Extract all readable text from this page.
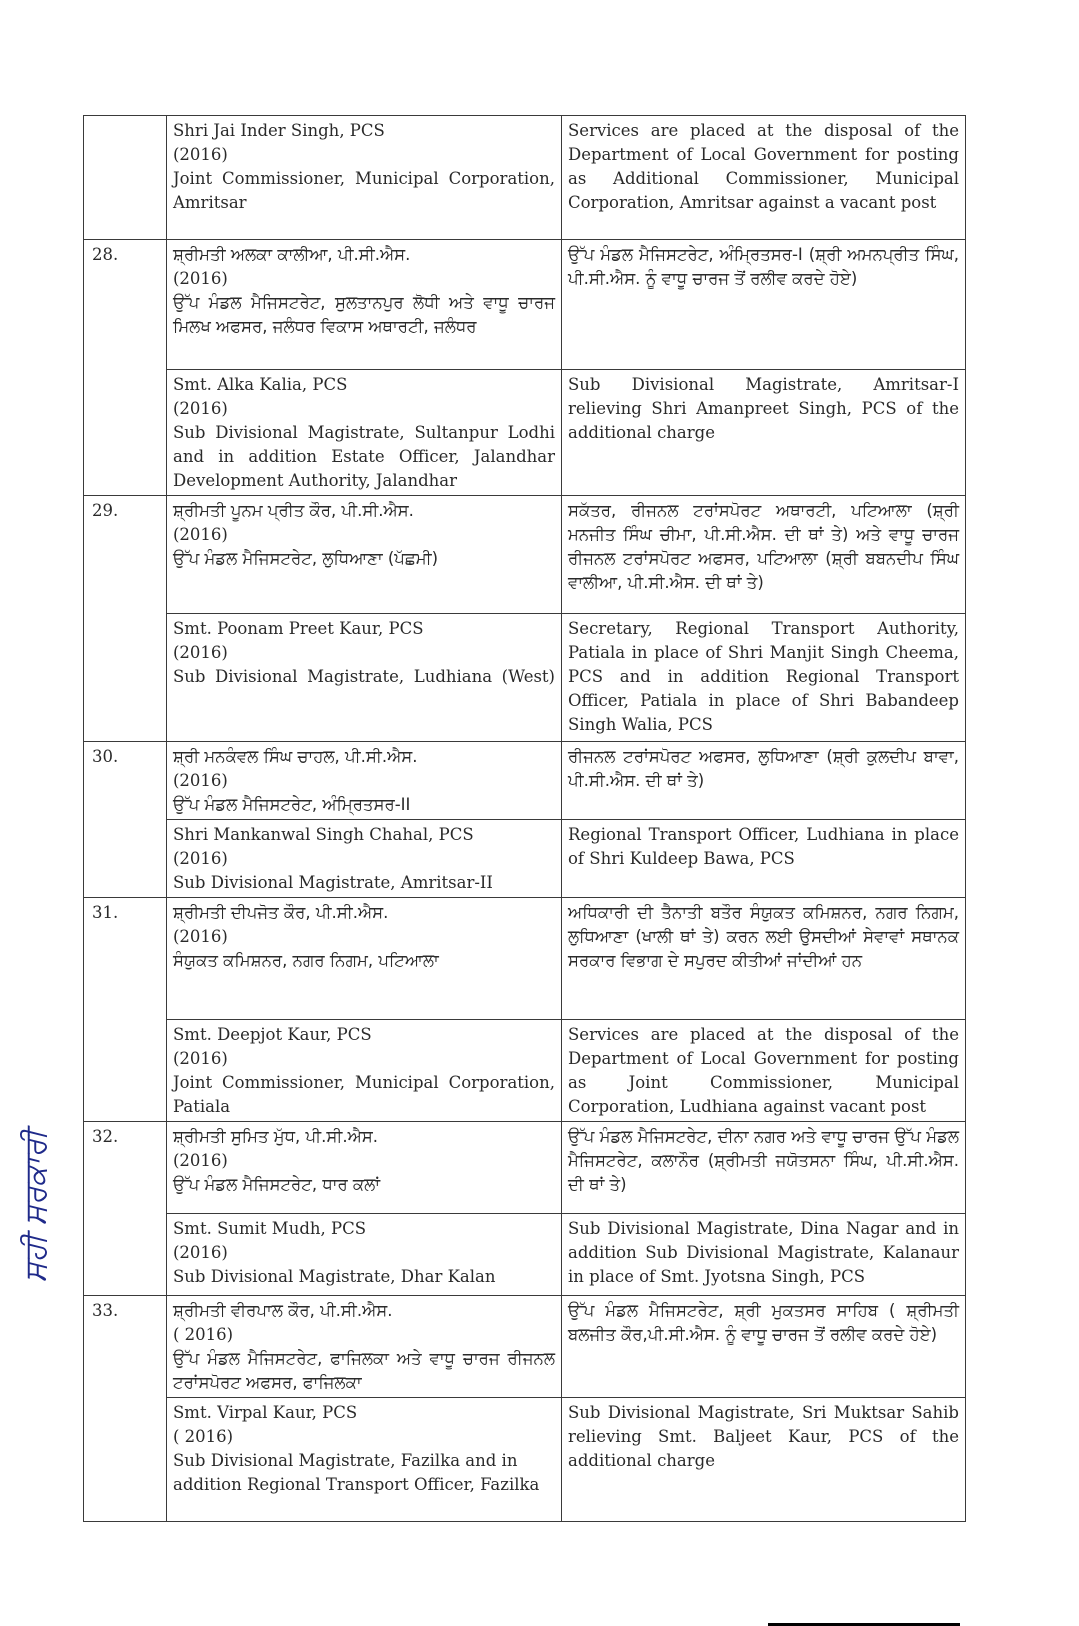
	Shri Jai Inder Singh, PCS
(2016)
Joint Commissioner, Municipal Corporation, Amritsar	Services are placed at the disposal of the Department of Local Government for posting as Additional Commissioner, Municipal Corporation, Amritsar against a vacant post
28.	ਸ਼੍ਰੀਮਤੀ ਅਲਕਾ ਕਾਲੀਆ, ਪੀ.ਸੀ.ਐਸ.
(2016)
ਉੱਪ ਮੰਡਲ ਮੈਜਿਸਟਰੇਟ, ਸੁਲਤਾਨਪੁਰ ਲੋਧੀ ਅਤੇ ਵਾਧੂ ਚਾਰਜ ਮਿਲਖ ਅਫਸਰ, ਜਲੰਧਰ ਵਿਕਾਸ ਅਥਾਰਟੀ, ਜਲੰਧਰ	ਉੱਪ ਮੰਡਲ ਮੈਜਿਸਟਰੇਟ, ਅੰਮ੍ਰਿਤਸਰ-I (ਸ਼੍ਰੀ ਅਮਨਪ੍ਰੀਤ ਸਿੰਘ, ਪੀ.ਸੀ.ਐਸ. ਨੂੰ ਵਾਧੂ ਚਾਰਜ ਤੋਂ ਰਲੀਵ ਕਰਦੇ ਹੋਏ)

	Smt. Alka Kalia, PCS
(2016)
Sub Divisional Magistrate, Sultanpur Lodhi and in addition Estate Officer, Jalandhar Development Authority, Jalandhar	Sub Divisional Magistrate, Amritsar-I relieving Shri Amanpreet Singh, PCS of the additional charge
29.	ਸ਼੍ਰੀਮਤੀ ਪੂਨਮ ਪ੍ਰੀਤ ਕੌਰ, ਪੀ.ਸੀ.ਐਸ.
(2016)
ਉੱਪ ਮੰਡਲ ਮੈਜਿਸਟਰੇਟ, ਲੁਧਿਆਣਾ (ਪੱਛਮੀ)	ਸਕੱਤਰ, ਰੀਜਨਲ ਟਰਾਂਸਪੋਰਟ ਅਥਾਰਟੀ, ਪਟਿਆਲਾ (ਸ਼੍ਰੀ ਮਨਜੀਤ ਸਿੰਘ ਚੀਮਾ, ਪੀ.ਸੀ.ਐਸ. ਦੀ ਥਾਂ ਤੇ) ਅਤੇ ਵਾਧੂ ਚਾਰਜ ਰੀਜਨਲ ਟਰਾਂਸਪੋਰਟ ਅਫਸਰ, ਪਟਿਆਲਾ (ਸ਼੍ਰੀ ਬਬਨਦੀਪ ਸਿੰਘ ਵਾਲੀਆ, ਪੀ.ਸੀ.ਐਸ. ਦੀ ਥਾਂ ਤੇ)

	Smt. Poonam Preet Kaur, PCS
(2016)
Sub Divisional Magistrate, Ludhiana (West)	Secretary, Regional Transport Authority, Patiala in place of Shri Manjit Singh Cheema, PCS and in addition Regional Transport Officer, Patiala in place of Shri Babandeep Singh Walia, PCS
30.	ਸ਼੍ਰੀ ਮਨਕੰਵਲ ਸਿੰਘ ਚਾਹਲ, ਪੀ.ਸੀ.ਐਸ.
(2016)
ਉੱਪ ਮੰਡਲ ਮੈਜਿਸਟਰੇਟ, ਅੰਮ੍ਰਿਤਸਰ-II	ਰੀਜਨਲ ਟਰਾਂਸਪੋਰਟ ਅਫਸਰ, ਲੁਧਿਆਣਾ (ਸ਼੍ਰੀ ਕੁਲਦੀਪ ਬਾਵਾ, ਪੀ.ਸੀ.ਐਸ. ਦੀ ਥਾਂ ਤੇ)

	Shri Mankanwal Singh Chahal, PCS
(2016)
Sub Divisional Magistrate, Amritsar-II	Regional Transport Officer, Ludhiana in place of Shri Kuldeep Bawa, PCS
31.	ਸ਼੍ਰੀਮਤੀ ਦੀਪਜੋਤ ਕੌਰ, ਪੀ.ਸੀ.ਐਸ.
(2016)
ਸੰਯੁਕਤ ਕਮਿਸ਼ਨਰ, ਨਗਰ ਨਿਗਮ, ਪਟਿਆਲਾ	ਅਧਿਕਾਰੀ ਦੀ ਤੈਨਾਤੀ ਬਤੌਰ ਸੰਯੁਕਤ ਕਮਿਸ਼ਨਰ, ਨਗਰ ਨਿਗਮ, ਲੁਧਿਆਣਾ (ਖਾਲੀ ਥਾਂ ਤੇ) ਕਰਨ ਲਈ ਉਸਦੀਆਂ ਸੇਵਾਵਾਂ ਸਥਾਨਕ ਸਰਕਾਰ ਵਿਭਾਗ ਦੇ ਸਪੁਰਦ ਕੀਤੀਆਂ ਜਾਂਦੀਆਂ ਹਨ

	Smt. Deepjot Kaur, PCS
(2016)
Joint Commissioner, Municipal Corporation, Patiala	Services are placed at the disposal of the Department of Local Government for posting as Joint Commissioner, Municipal Corporation, Ludhiana against vacant post
32.	ਸ਼੍ਰੀਮਤੀ ਸੁਮਿਤ ਮੁੱਧ, ਪੀ.ਸੀ.ਐਸ.
(2016)
ਉੱਪ ਮੰਡਲ ਮੈਜਿਸਟਰੇਟ, ਧਾਰ ਕਲਾਂ	ਉੱਪ ਮੰਡਲ ਮੈਜਿਸਟਰੇਟ, ਦੀਨਾ ਨਗਰ ਅਤੇ ਵਾਧੂ ਚਾਰਜ ਉੱਪ ਮੰਡਲ ਮੈਜਿਸਟਰੇਟ, ਕਲਾਨੌਰ (ਸ਼੍ਰੀਮਤੀ ਜਯੋਤਸਨਾ ਸਿੰਘ, ਪੀ.ਸੀ.ਐਸ. ਦੀ ਥਾਂ ਤੇ)

	Smt. Sumit Mudh, PCS
(2016)
Sub Divisional Magistrate, Dhar Kalan	Sub Divisional Magistrate, Dina Nagar and in addition Sub Divisional Magistrate, Kalanaur in place of Smt. Jyotsna Singh, PCS
33.	ਸ਼੍ਰੀਮਤੀ ਵੀਰਪਾਲ ਕੌਰ, ਪੀ.ਸੀ.ਐਸ.
( 2016)
ਉੱਪ ਮੰਡਲ ਮੈਜਿਸਟਰੇਟ, ਫਾਜਿਲਕਾ ਅਤੇ ਵਾਧੂ ਚਾਰਜ ਰੀਜਨਲ ਟਰਾਂਸਪੋਰਟ ਅਫਸਰ, ਫਾਜਿਲਕਾ	ਉੱਪ ਮੰਡਲ ਮੈਜਿਸਟਰੇਟ, ਸ਼੍ਰੀ ਮੁਕਤਸਰ ਸਾਹਿਬ ( ਸ਼੍ਰੀਮਤੀ ਬਲਜੀਤ ਕੌਰ,ਪੀ.ਸੀ.ਐਸ. ਨੂੰ ਵਾਧੂ ਚਾਰਜ ਤੋਂ ਰਲੀਵ ਕਰਦੇ ਹੋਏ)

	Smt. Virpal Kaur, PCS
( 2016)
Sub Divisional Magistrate, Fazilka and in addition Regional Transport Officer, Fazilka	Sub Divisional Magistrate, Sri Muktsar Sahib relieving Smt. Baljeet Kaur, PCS of the additional charge
ਸਹੀ ਸਰਕਾਰੀ
